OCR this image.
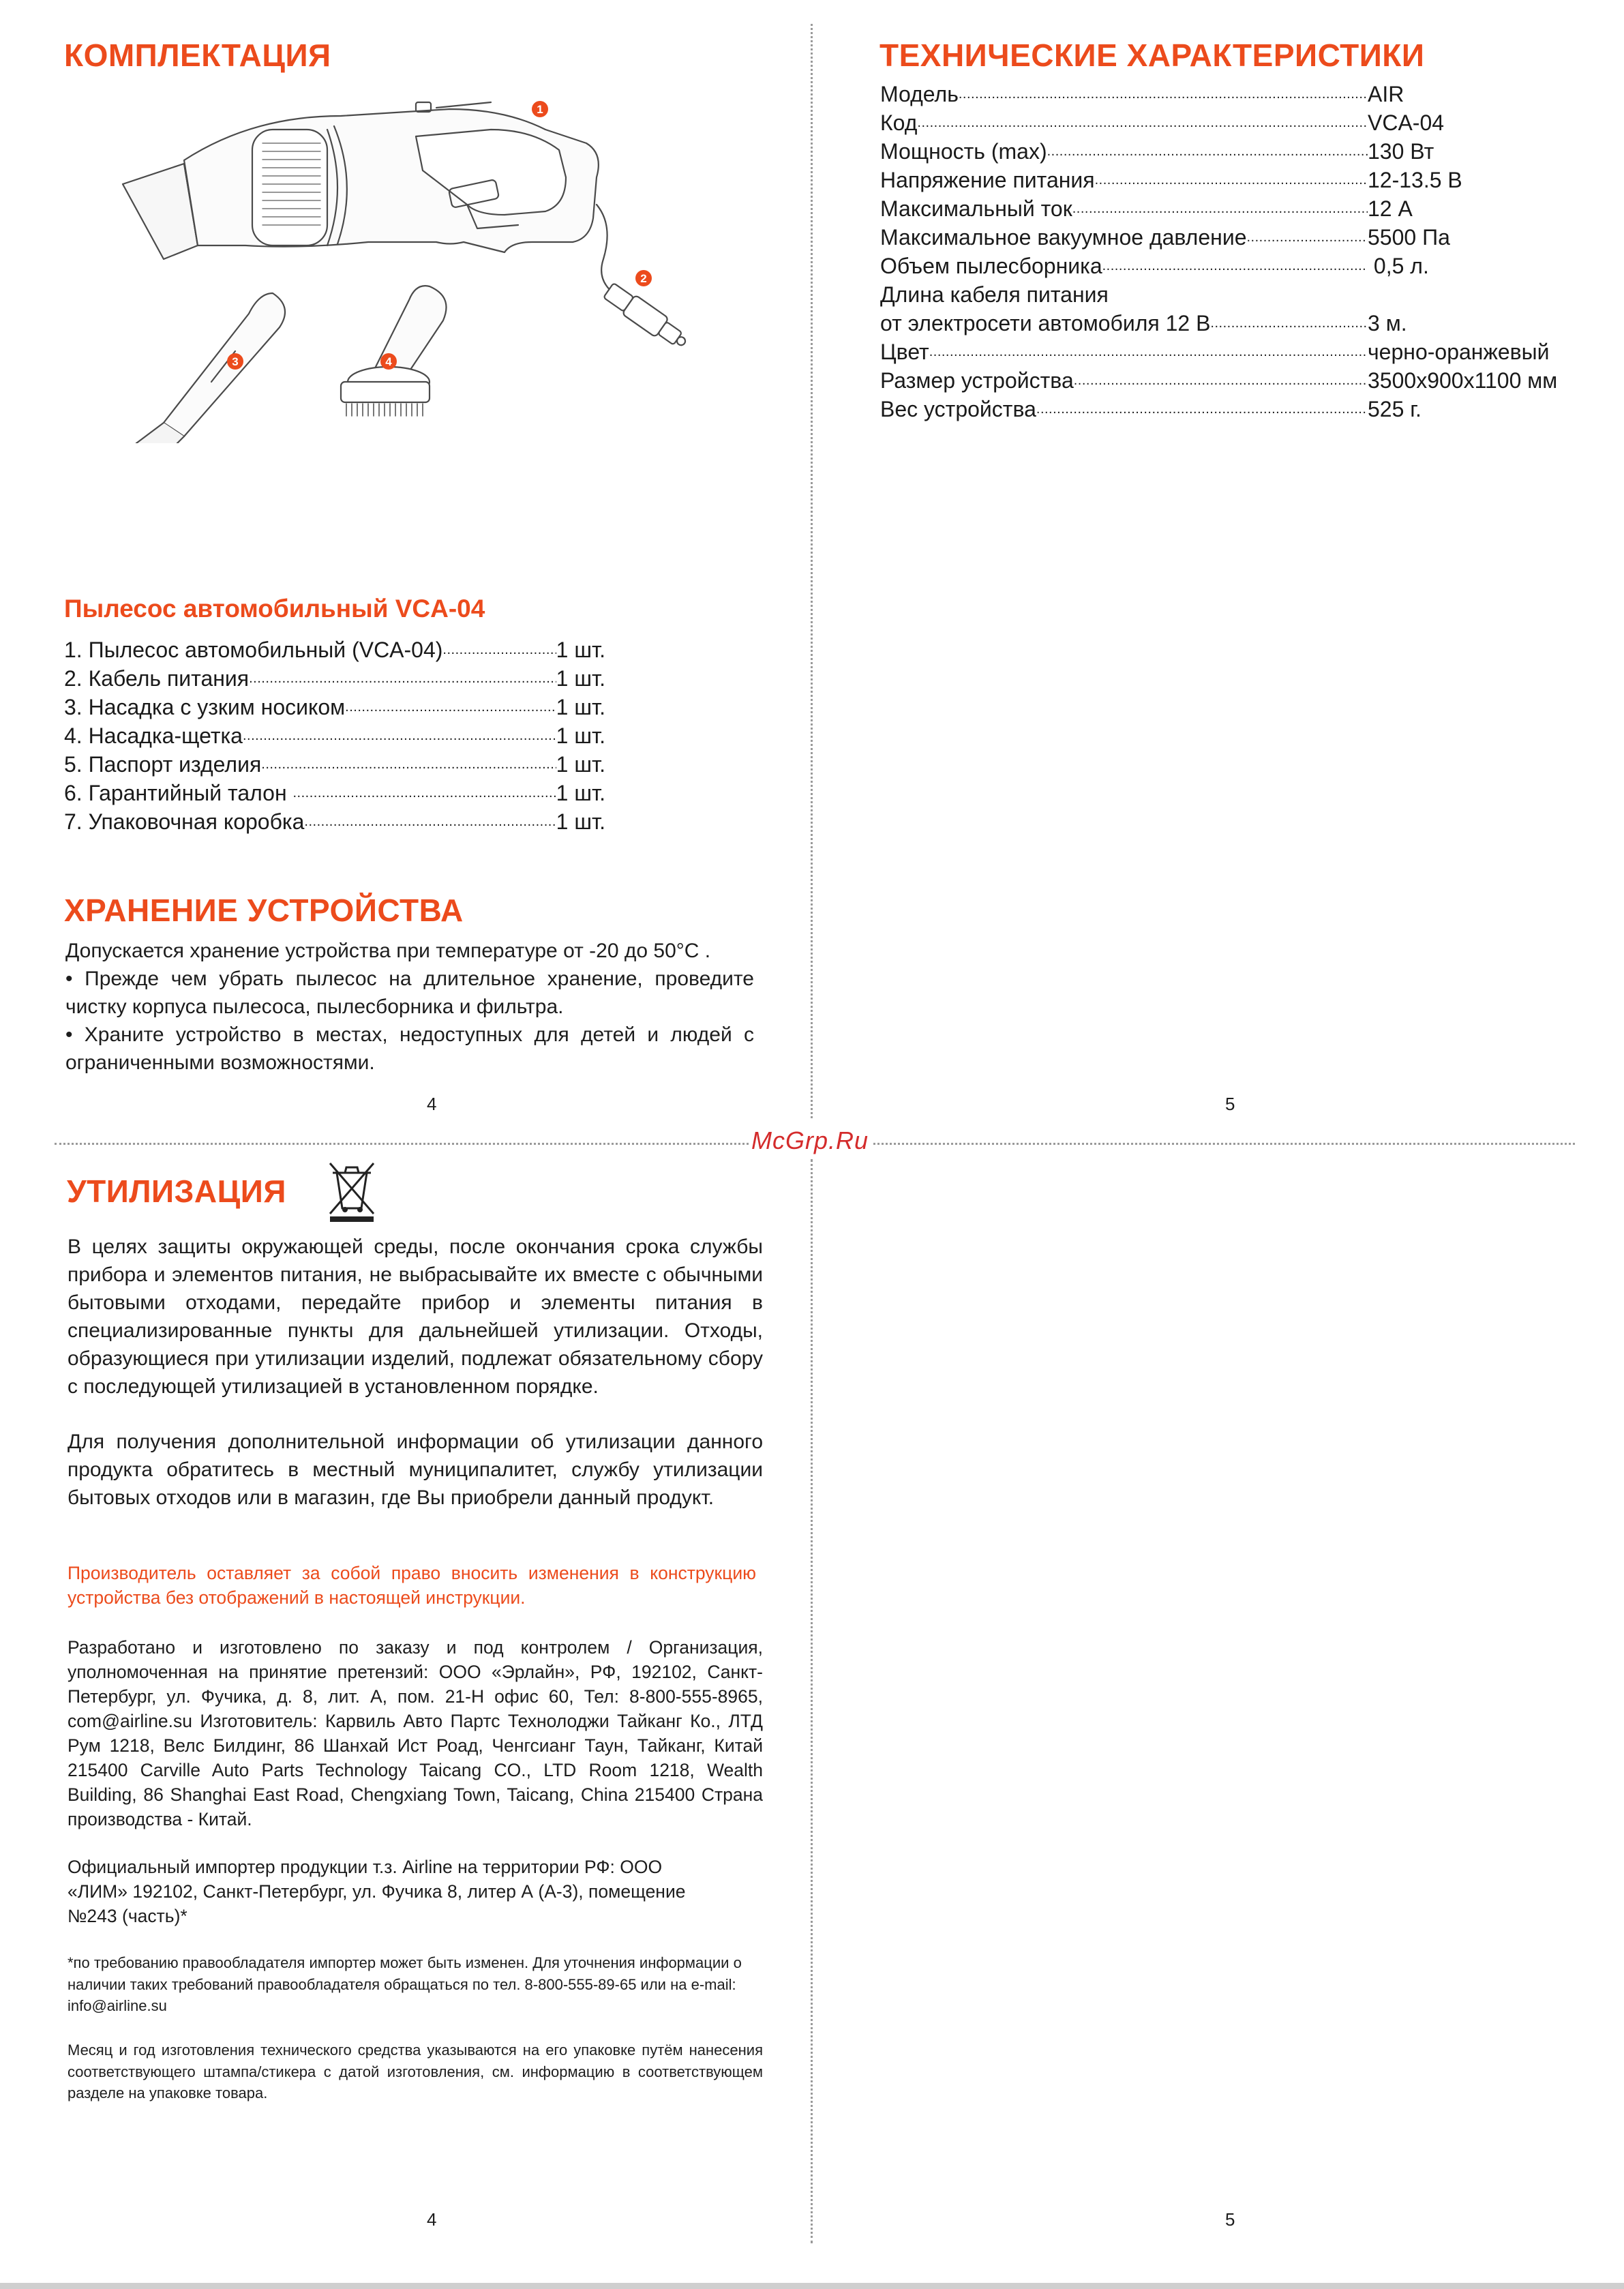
McGrp.Ru
КОМПЛЕКТАЦИЯ
1
2
3	4
Пылесос автомобильный VCA-04
1. Пылесос автомобильный (VCA-04) .....	1 шт.
2. Кабель питания .....	1 шт.
3. Насадка с узким носиком .....	1 шт.
4. Насадка-щетка .....	1 шт.
5. Паспорт изделия .....	1 шт.
6. Гарантийный талон .....	1 шт.
7. Упаковочная коробка .....	1 шт.
ХРАНЕНИЕ УСТРОЙСТВА

Допускается хранение устройства при температуре от -20 до 50°С .

• Прежде чем убрать пылесос на длительное хранение, проведите чистку корпуса пылесоса, пылесборника и фильтра.

• Храните устройство в местах, недоступных для детей и людей с ограниченными возможностями.

4
ТЕХНИЧЕСКИЕ ХАРАКТЕРИСТИКИ
Модель .....	AIR
Код .....	VCA-04
Мощность (max) .....	130 Вт
Напряжение питания .....	12-13.5 В
Максимальный ток .....	12 А
Максимальное вакуумное давление .....	5500 Па
Объем пылесборника .....	0,5 л.
Длина кабеля питания
от электросети автомобиля 12 В .....	3 м.
Цвет .....	черно-оранжевый
Размер устройства .....	3500x900x1100 мм
Вес устройства .....	525 г.
5
УТИЛИЗАЦИЯ
В целях защиты окружающей среды, после окончания срока службы прибора и элементов питания, не выбрасывайте их вместе с обычными бытовыми отходами, передайте прибор и элементы питания в специализированные пункты для дальнейшей утилизации. Отходы, образующиеся при утилизации изделий, подлежат обязательному сбору с последующей утилизацией в установленном порядке.
Для получения дополнительной информации об утилизации данного продукта обратитесь в местный муниципалитет, службу утилизации бытовых отходов или в магазин, где Вы приобрели данный продукт.
Производитель оставляет за собой право вносить изменения в конструкцию устройства без отображений в настоящей инструкции.
Разработано и изготовлено по заказу и под контролем / Организация, уполномоченная на принятие претензий: ООО «Эрлайн», РФ, 192102, Санкт-Петербург, ул. Фучика, д. 8, лит. А, пом. 21-Н офис 60, Тел: 8-800-555-8965, com@airline.su Изготовитель: Карвиль Авто Партс Технолоджи Тайканг Ко., ЛТД Рум 1218, Велс Билдинг, 86 Шанхай Ист Роад, Ченгсианг Таун, Тайканг, Китай 215400 Carville Auto Parts Technology Taicang CO., LTD Room 1218, Wealth Building, 86 Shanghai East Road, Chengxiang Town, Taicang, China 215400 Страна производства - Китай.
Официальный импортер продукции т.з. Airline на территории РФ: ООО «ЛИМ» 192102, Санкт-Петербург, ул. Фучика 8, литер А (А-3), помещение №243 (часть)*
*по требованию правообладателя импортер может быть изменен. Для уточнения информации о наличии таких требований правообладателя обращаться по тел. 8-800-555-89-65 или на e-mail: info@airline.su
Месяц и год изготовления технического средства указываются на его упаковке путём нанесения соответствующего штампа/стикера с датой изготовления, см. информацию в соответствующем разделе на упаковке товара.
4	5
